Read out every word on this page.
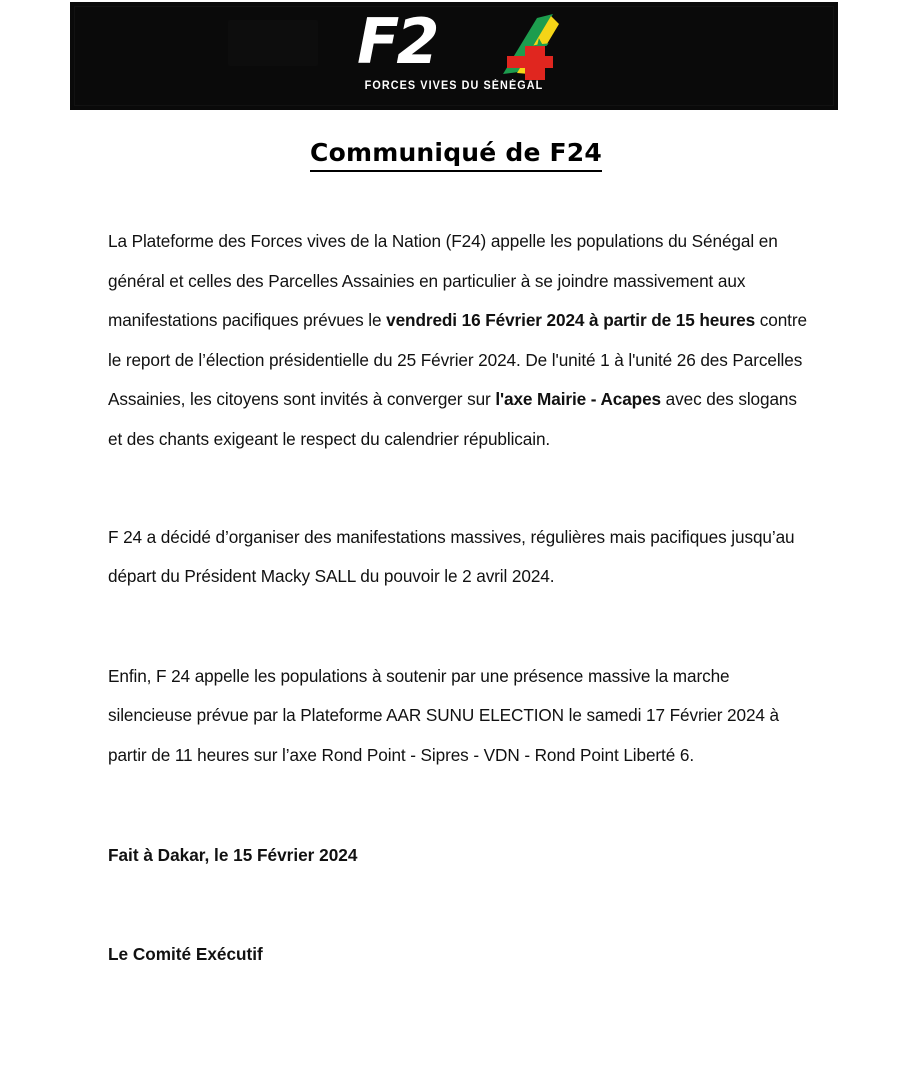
F2
FORCES VIVES DU SÉNÉGAL
Communiqué de F24

La Plateforme des Forces vives de la Nation (F24) appelle les populations du Sénégal en général et celles des Parcelles Assainies en particulier à se joindre massivement aux manifestations pacifiques prévues le vendredi 16 Février 2024 à partir de 15 heures contre le report de l’élection présidentielle du 25 Février 2024. De l'unité 1 à l'unité 26 des Parcelles Assainies, les citoyens sont invités à converger sur l'axe Mairie - Acapes avec des slogans et des chants exigeant le respect du calendrier républicain.

F 24 a décidé d’organiser des manifestations massives, régulières mais pacifiques jusqu’au départ du Président Macky SALL du pouvoir le 2 avril 2024.

Enfin, F 24 appelle les populations à soutenir par une présence massive la marche silencieuse prévue par la Plateforme AAR SUNU ELECTION le samedi 17 Février 2024 à partir de 11 heures sur l’axe Rond Point - Sipres - VDN - Rond Point Liberté 6.

Fait à Dakar, le 15 Février 2024

Le Comité Exécutif
